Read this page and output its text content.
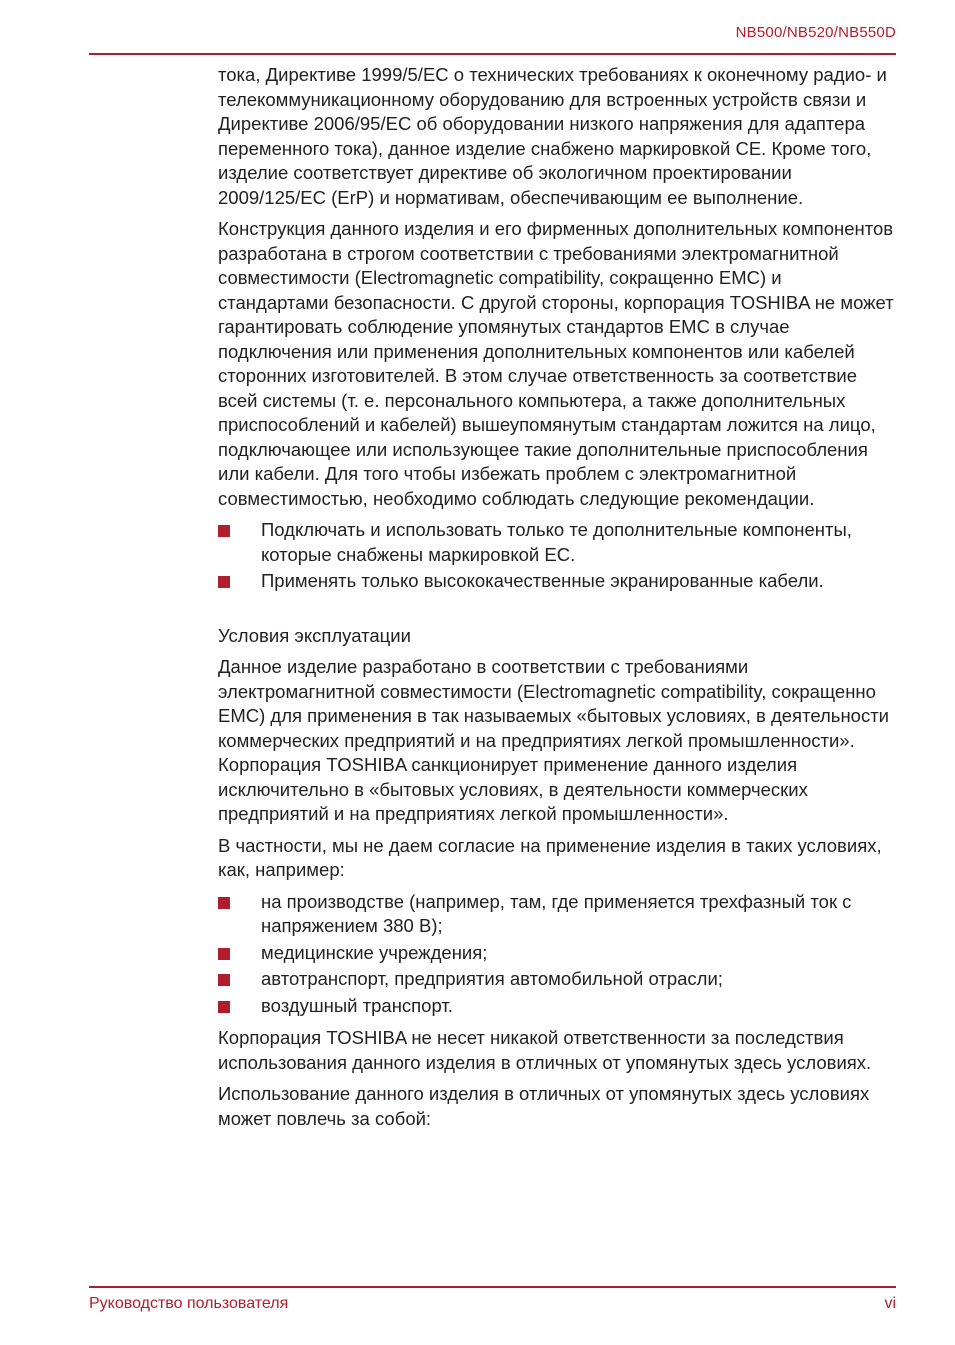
NB500/NB520/NB550D

тока, Директиве 1999/5/ЕС о технических требованиях к оконечному радио- и телекоммуникационному оборудованию для встроенных устройств связи и Директиве 2006/95/ЕС об оборудовании низкого напряжения для адаптера переменного тока), данное изделие снабжено маркировкой CE. Кроме того, изделие соответствует директиве об экологичном проектировании 2009/125/EC (ErP) и нормативам, обеспечивающим ее выполнение.

Конструкция данного изделия и его фирменных дополнительных компонентов разработана в строгом соответствии с требованиями электромагнитной совместимости (Electromagnetic compatibility, сокращенно EMC) и стандартами безопасности. С другой стороны, корпорация TOSHIBA не может гарантировать соблюдение упомянутых стандартов EMC в случае подключения или применения дополнительных компонентов или кабелей сторонних изготовителей. В этом случае ответственность за соответствие всей системы (т. е. персонального компьютера, а также дополнительных приспособлений и кабелей) вышеупомянутым стандартам ложится на лицо, подключающее или использующее такие дополнительные приспособления или кабели. Для того чтобы избежать проблем с электромагнитной совместимостью, необходимо соблюдать следующие рекомендации.

Подключать и использовать только те дополнительные компоненты, которые снабжены маркировкой ЕС.
Применять только высококачественные экранированные кабели.

Условия эксплуатации

Данное изделие разработано в соответствии с требованиями электромагнитной совместимости (Electromagnetic compatibility, сокращенно EMC) для применения в так называемых «бытовых условиях, в деятельности коммерческих предприятий и на предприятиях легкой промышленности». Корпорация TOSHIBA санкционирует применение данного изделия исключительно в «бытовых условиях, в деятельности коммерческих предприятий и на предприятиях легкой промышленности».

В частности, мы не даем согласие на применение изделия в таких условиях, как, например:

на производстве (например, там, где применяется трехфазный ток с напряжением 380 В);
медицинские учреждения;
автотранспорт, предприятия автомобильной отрасли;
воздушный транспорт.

Корпорация TOSHIBA не несет никакой ответственности за последствия использования данного изделия в отличных от упомянутых здесь условиях.

Использование данного изделия в отличных от упомянутых здесь условиях может повлечь за собой:

Руководство пользователя	vi
